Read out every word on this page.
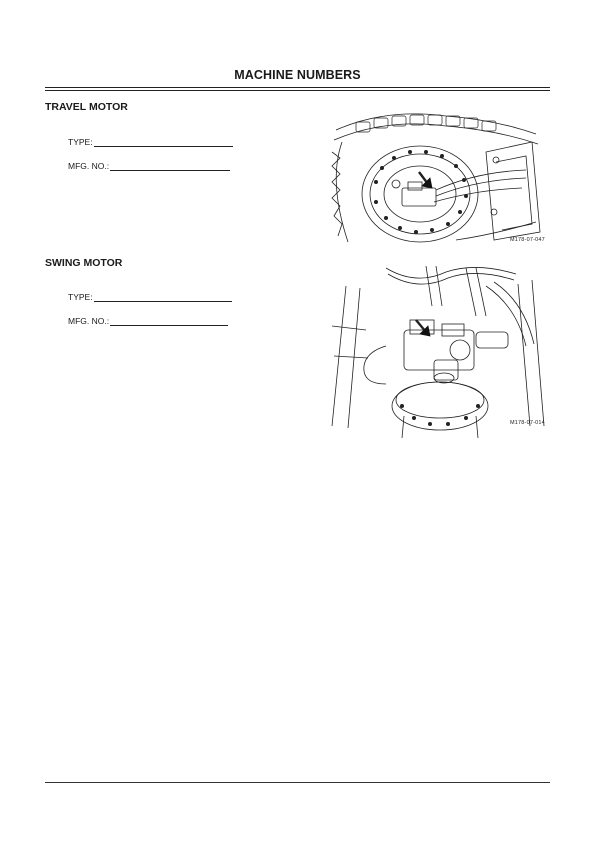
MACHINE NUMBERS
TRAVEL MOTOR
TYPE:
MFG. NO.:
M178-07-047
SWING MOTOR
TYPE:
MFG. NO.:
M178-07-014
